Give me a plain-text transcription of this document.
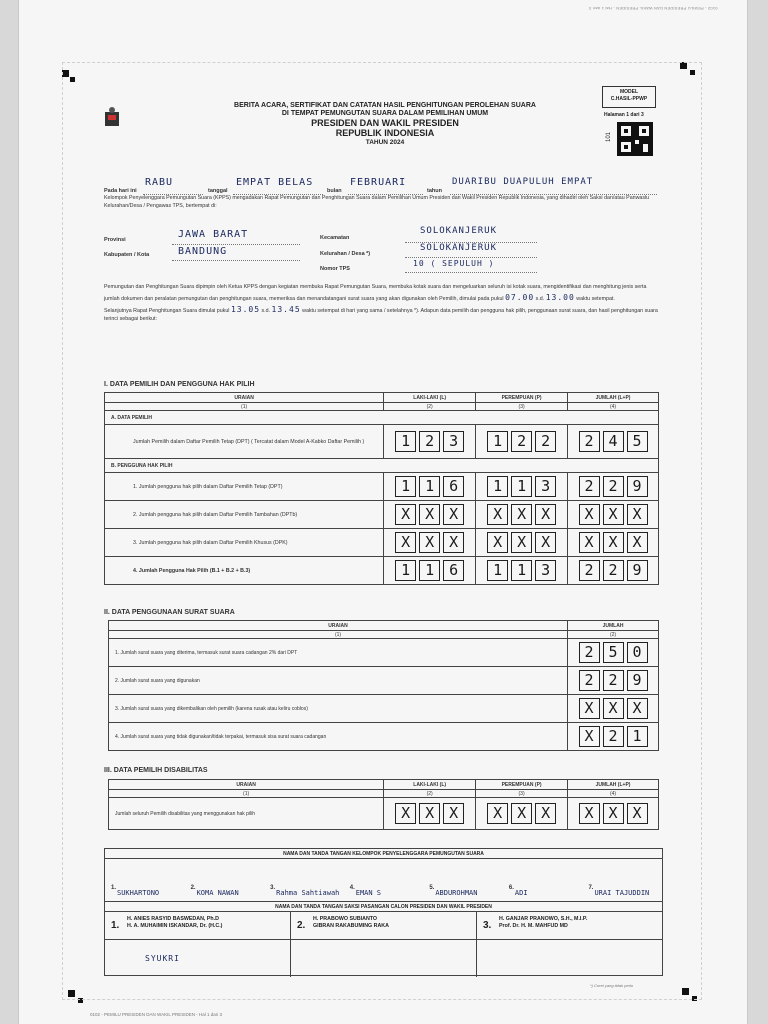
0102 - PEMILU PRESIDEN DAN WAKIL PRESIDEN - Hal 1 dari 3
BERITA ACARA, SERTIFIKAT DAN CATATAN HASIL PENGHITUNGAN PEROLEHAN SUARA
DI TEMPAT PEMUNGUTAN SUARA DALAM PEMILIHAN UMUM
PRESIDEN DAN WAKIL PRESIDEN
REPUBLIK INDONESIA
TAHUN 2024
MODEL
C.HASIL-PPWP
Halaman 1 dari 3
101
Pada hari ini
RABU
tanggal
EMPAT BELAS
bulan
FEBRUARI
tahun
DUARIBU DUAPULUH EMPAT
Kelompok Penyelenggara Pemungutan Suara (KPPS) mengadakan Rapat Pemungutan dan Penghitungan Suara dalam Pemilihan Umum Presiden dan Wakil Presiden Republik Indonesia, yang dihadiri oleh Saksi dan/atau Panwaslu Kelurahan/Desa / Pengawas TPS, bertempat di:
Provinsi	JAWA BARAT
Kabupaten / Kota	BANDUNG
Kecamatan
SOLOKANJERUK
Kelurahan / Desa *)
SOLOKANJERUK
Nomor TPS
10 ( SEPULUH )
Pemungutan dan Penghitungan Suara dipimpin oleh Ketua KPPS dengan kegiatan membuka Rapat Pemungutan Suara, membuka kotak suara dan mengeluarkan seluruh isi kotak suara, mengidentifikasi dan menghitung jenis serta jumlah dokumen dan peralatan pemungutan dan penghitungan suara, memeriksa dan menandatangani surat suara yang akan digunakan oleh Pemilih, dimulai pada pukul 07.00 s.d. 13.00 waktu setempat.
Selanjutnya Rapat Penghitungan Suara dimulai pukul 13.05 s.d. 13.45 waktu setempat di hari yang sama / setelahnya *). Adapun data pemilih dan pengguna hak pilih, penggunaan surat suara, dan hasil penghitungan suara terinci sebagai berikut:
I. DATA PEMILIH DAN PENGGUNA HAK PILIH
URAIAN	LAKI-LAKI (L)	PEREMPUAN (P)	JUMLAH (L+P)
(1)	(2)	(3)	(4)
A. DATA PEMILIH			
Jumlah Pemilih dalam Daftar Pemilih Tetap (DPT) ( Tercatat dalam Model A-Kabko Daftar Pemilih )	1 2 3	1 2 2	2 4 5

B. PENGGUNA HAK PILIH			
1. Jumlah pengguna hak pilih dalam Daftar Pemilih Tetap (DPT)	1 1 6	1 1 3	2 2 9

2. Jumlah pengguna hak pilih dalam Daftar Pemilih Tambahan (DPTb)	X X X	X X X	X X X

3. Jumlah pengguna hak pilih dalam Daftar Pemilih Khusus (DPK)	X X X	X X X	X X X

4. Jumlah Pengguna Hak Pilih (B.1 + B.2 + B.3)	1 1 6	1 1 3	2 2 9
II. DATA PENGGUNAAN SURAT SUARA
URAIAN	JUMLAH
(1)	(2)
1. Jumlah surat suara yang diterima, termasuk surat suara cadangan 2% dari DPT	2 5 0

2. Jumlah surat suara yang digunakan	2 2 9

3. Jumlah surat suara yang dikembalikan oleh pemilih (karena rusak atau keliru coblos)	X X X

4. Jumlah surat suara yang tidak digunakan/tidak terpakai, termasuk sisa surat suara cadangan	X 2 1
III. DATA PEMILIH DISABILITAS
URAIAN	LAKI-LAKI (L)	PEREMPUAN (P)	JUMLAH (L+P)
(1)	(2)	(3)	(4)
Jumlah seluruh Pemilih disabilitas yang menggunakan hak pilih	X X X	X X X	X X X
NAMA DAN TANDA TANGAN KELOMPOK PENYELENGGARA PEMUNGUTAN SUARA
1.
SUKHARTONO
2.
KOMA NAWAN
3.
Rahma Sahtiawah
4.
EMAN S
5.
ABDUROHMAN
6.
ADI
7.
URAI TAJUDDIN
NAMA DAN TANDA TANGAN SAKSI PASANGAN CALON PRESIDEN DAN WAKIL PRESIDEN
1.
H. ANIES RASYID BASWEDAN, Ph.D
H. A. MUHAIMIN ISKANDAR, Dr. (H.C.)	2.
H. PRABOWO SUBIANTO
GIBRAN RAKABUMING RAKA	3.
H. GANJAR PRANOWO, S.H., M.I.P.
Prof. Dr. H. M. MAHFUD MD
SYUKRI
*) Coret yang tidak perlu
0102 - PEMILU PRESIDEN DAN WAKIL PRESIDEN - Hal 1 dari 3
